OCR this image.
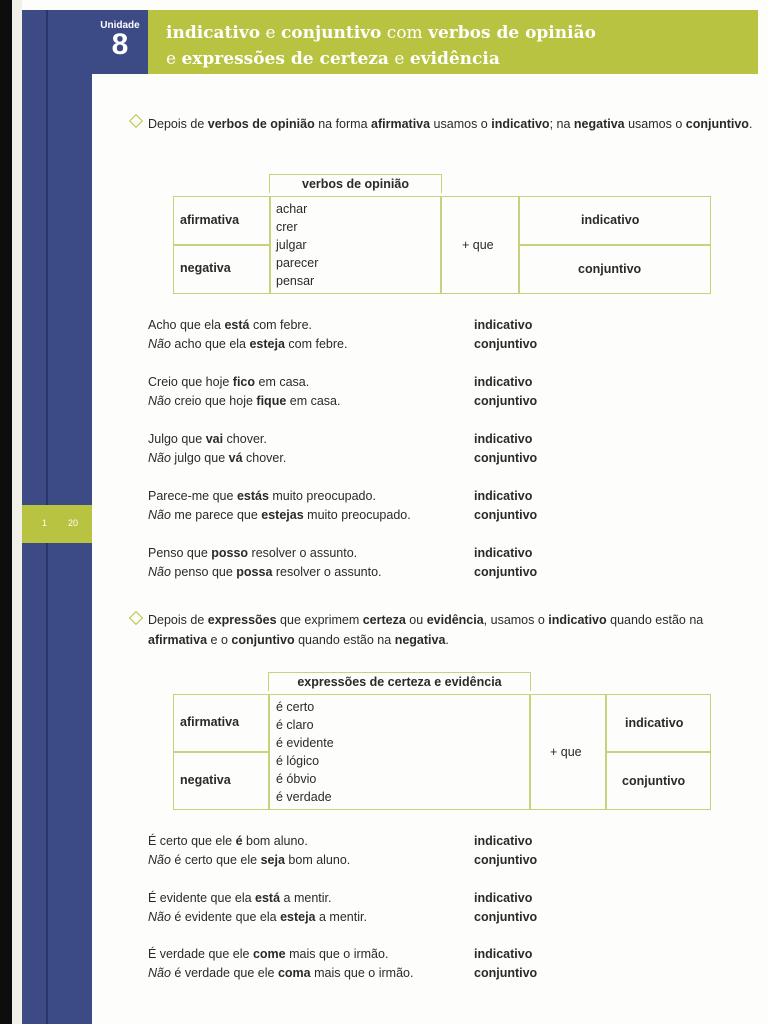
Unidade
8	indicativo e conjuntivo com verbos de opinião
e expressões de certeza e evidência
1 20
Depois de verbos de opinião na forma afirmativa usamos o indicativo; na negativa usamos o conjuntivo.
verbos de opinião
afirmativa
negativa
achar
crer
julgar
parecer
pensar
+ que
indicativo
conjuntivo
Acho que ela está com febre.
Não acho que ela esteja com febre.
indicativo
conjuntivo
Creio que hoje fico em casa.
Não creio que hoje fique em casa.
indicativo
conjuntivo
Julgo que vai chover.
Não julgo que vá chover.
indicativo
conjuntivo
Parece-me que estás muito preocupado.
Não me parece que estejas muito preocupado.
indicativo
conjuntivo
Penso que posso resolver o assunto.
Não penso que possa resolver o assunto.
indicativo
conjuntivo
Depois de expressões que exprimem certeza ou evidência, usamos o indicativo quando estão na afirmativa e o conjuntivo quando estão na negativa.
expressões de certeza e evidência
afirmativa
negativa
é certo
é claro
é evidente
é lógico
é óbvio
é verdade
+ que
indicativo
conjuntivo
É certo que ele é bom aluno.
Não é certo que ele seja bom aluno.
indicativo
conjuntivo
É evidente que ela está a mentir.
Não é evidente que ela esteja a mentir.
indicativo
conjuntivo
É verdade que ele come mais que o irmão.
Não é verdade que ele coma mais que o irmão.
indicativo
conjuntivo
